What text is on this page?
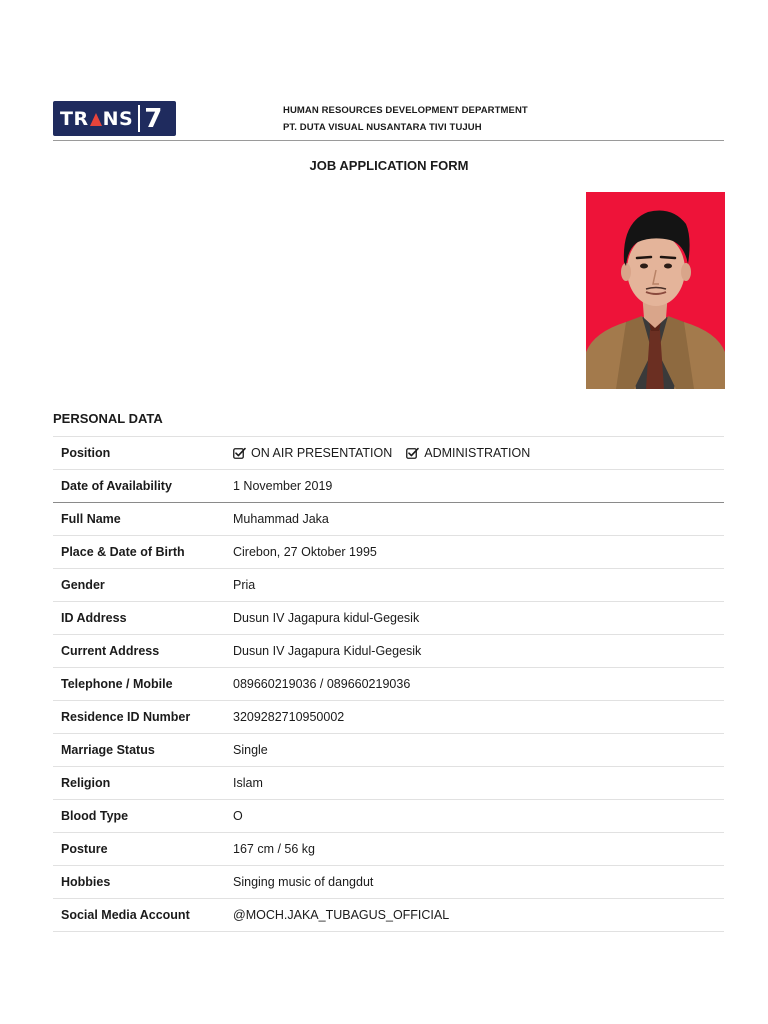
TR NS 7	HUMAN RESOURCES DEVELOPMENT DEPARTMENT
PT. DUTA VISUAL NUSANTARA TIVI TUJUH
JOB APPLICATION FORM
PERSONAL DATA
Position	ON AIR PRESENTATION	ADMINISTRATION
Date of Availability	1 November 2019
Full Name	Muhammad Jaka
Place & Date of Birth	Cirebon, 27 Oktober 1995
Gender	Pria
ID Address	Dusun IV Jagapura kidul-Gegesik
Current Address	Dusun IV Jagapura Kidul-Gegesik
Telephone / Mobile	089660219036 / 089660219036
Residence ID Number	3209282710950002
Marriage Status	Single
Religion	Islam
Blood Type	O
Posture	167 cm / 56 kg
Hobbies	Singing music of dangdut
Social Media Account	@MOCH.JAKA_TUBAGUS_OFFICIAL
